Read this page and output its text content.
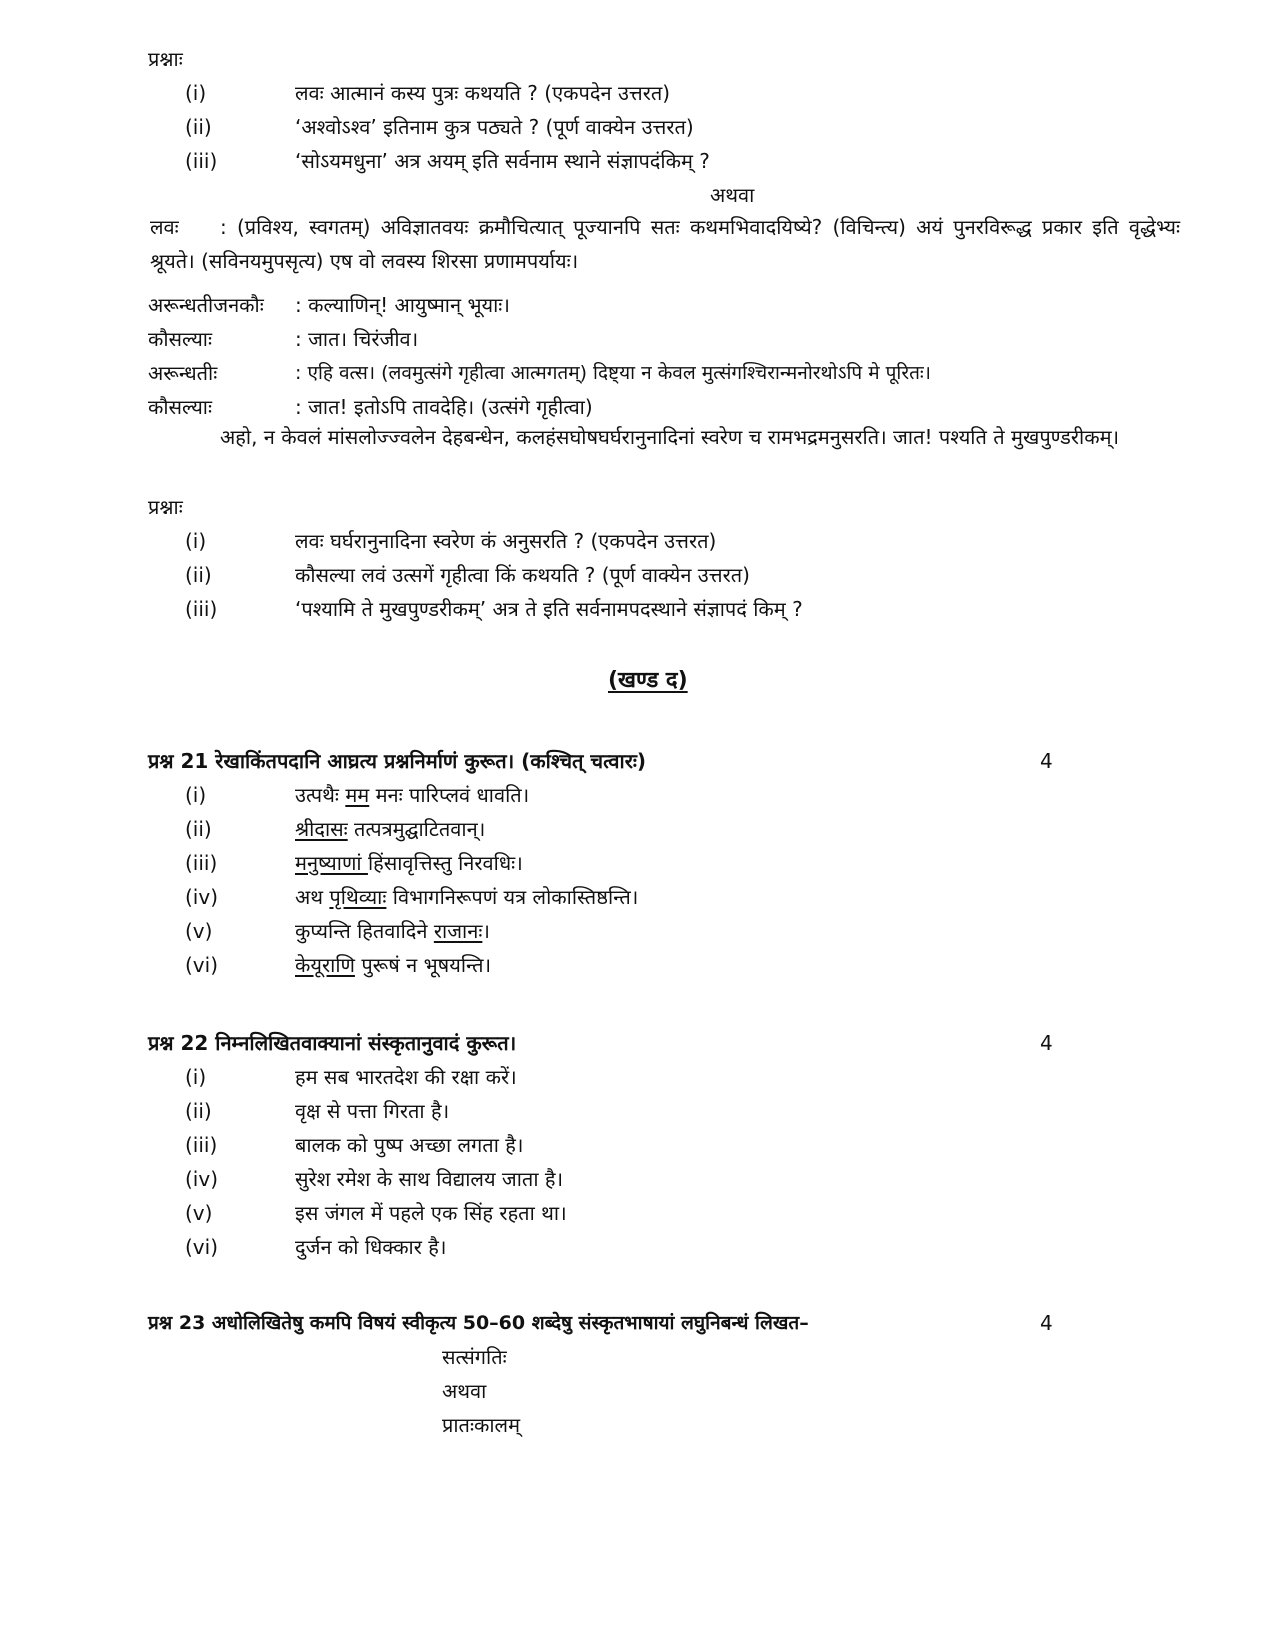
प्रश्नाः
(i)	लवः आत्मानं कस्य पुत्रः कथयति ? (एकपदेन उत्तरत)
(ii)	‘अश्वोऽश्व’ इतिनाम कुत्र पठ्यते ? (पूर्ण वाक्येन उत्तरत)
(iii)	‘सोऽयमधुना’ अत्र अयम् इति सर्वनाम स्थाने संज्ञापदंकिम् ?
अथवा
लवः : (प्रविश्य, स्वगतम्) अविज्ञातवयः क्रमौचित्यात् पूज्यानपि सतः कथमभिवादयिष्ये? (विचिन्त्य) अयं पुनरविरूद्ध प्रकार इति वृद्धेभ्यः श्रूयते। (सविनयमुपसृत्य) एष वो लवस्य शिरसा प्रणामपर्यायः।
अरून्धतीजनकौः : कल्याणिन्! आयुष्मान् भूयाः।
कौसल्याः	: जात। चिरंजीव।
अरून्धतीः	: एहि वत्स। (लवमुत्संगे गृहीत्वा आत्मगतम्) दिष्ट्या न केवल मुत्संगश्चिरान्मनोरथोऽपि मे पूरितः।
कौसल्याः	: जात! इतोऽपि तावदेहि। (उत्संगे गृहीत्वा)
अहो, न केवलं मांसलोज्ज्वलेन देहबन्धेन, कलहंसघोषघर्घरानुनादिनां स्वरेण च रामभद्रमनुसरति। जात! पश्यति ते मुखपुण्डरीकम्।
प्रश्नाः
(i)	लवः घर्घरानुनादिना स्वरेण कं अनुसरति ? (एकपदेन उत्तरत)
(ii)	कौसल्या लवं उत्सगें गृहीत्वा किं कथयति ? (पूर्ण वाक्येन उत्तरत)
(iii)	‘पश्यामि ते मुखपुण्डरीकम्’ अत्र ते इति सर्वनामपदस्थाने संज्ञापदं किम् ?
(खण्ड द)
प्रश्न 21 रेखाकिंतपदानि आघ्रत्य प्रश्ननिर्माणं कुरूत। (कश्चित् चत्वारः)	4
(i)	उत्पथैः मम मनः पारिप्लवं धावति।
(ii)	श्रीदासः तत्पत्रमुद्घाटितवान्।
(iii)	मनुष्याणां हिंसावृत्तिस्तु निरवधिः।
(iv)	अथ पृथिव्याः विभागनिरूपणं यत्र लोकास्तिष्ठन्ति।
(v)	कुप्यन्ति हितवादिने राजानः।
(vi)	केयूराणि पुरूषं न भूषयन्ति।
प्रश्न 22 निम्नलिखितवाक्यानां संस्कृतानुवादं कुरूत।	4
(i)	हम सब भारतदेश की रक्षा करें।
(ii)	वृक्ष से पत्ता गिरता है।
(iii)	बालक को पुष्प अच्छा लगता है।
(iv)	सुरेश रमेश के साथ विद्यालय जाता है।
(v)	इस जंगल में पहले एक सिंह रहता था।
(vi)	दुर्जन को धिक्कार है।
प्रश्न 23 अधोलिखितेषु कमपि विषयं स्वीकृत्य 50–60 शब्देषु संस्कृतभाषायां लघुनिबन्धं लिखत–	4
सत्संगतिः
अथवा
प्रातःकालम्
